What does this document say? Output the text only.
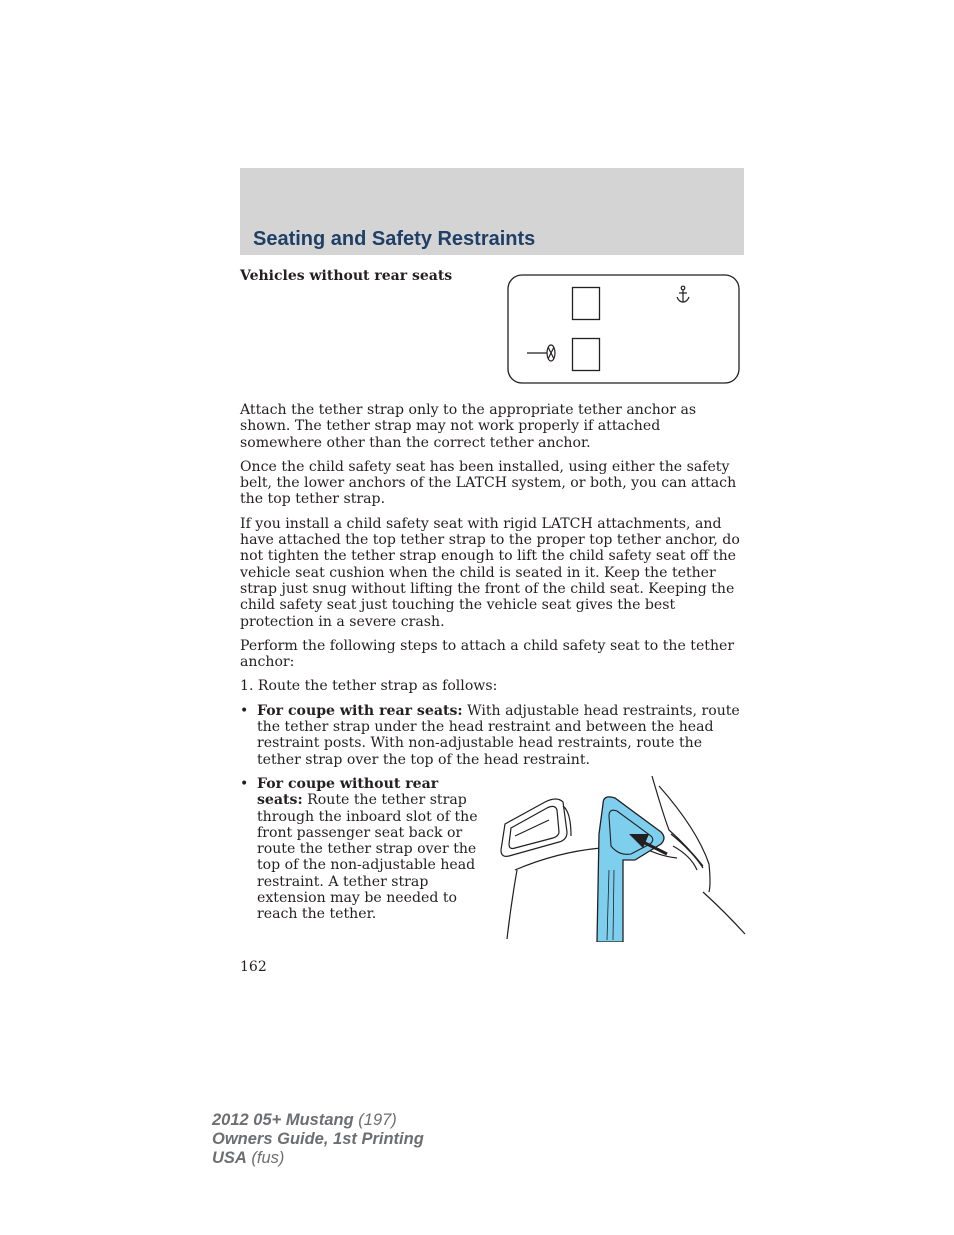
Seating and Safety Restraints

Vehicles without rear seats

Attach the tether strap only to the appropriate tether anchor as shown. The tether strap may not work properly if attached somewhere other than the correct tether anchor.

Once the child safety seat has been installed, using either the safety belt, the lower anchors of the LATCH system, or both, you can attach the top tether strap.

If you install a child safety seat with rigid LATCH attachments, and have attached the top tether strap to the proper top tether anchor, do not tighten the tether strap enough to lift the child safety seat off the vehicle seat cushion when the child is seated in it. Keep the tether strap just snug without lifting the front of the child seat. Keeping the child safety seat just touching the vehicle seat gives the best protection in a severe crash.

Perform the following steps to attach a child safety seat to the tether anchor:

1. Route the tether strap as follows:

• For coupe with rear seats: With adjustable head restraints, route the tether strap under the head restraint and between the head restraint posts. With non-adjustable head restraints, route the tether strap over the top of the head restraint.

• For coupe without rear seats: Route the tether strap through the inboard slot of the front passenger seat back or route the tether strap over the top of the non-adjustable head restraint. A tether strap extension may be needed to reach the tether.

162

2012 05+ Mustang (197)
Owners Guide, 1st Printing
USA (fus)
